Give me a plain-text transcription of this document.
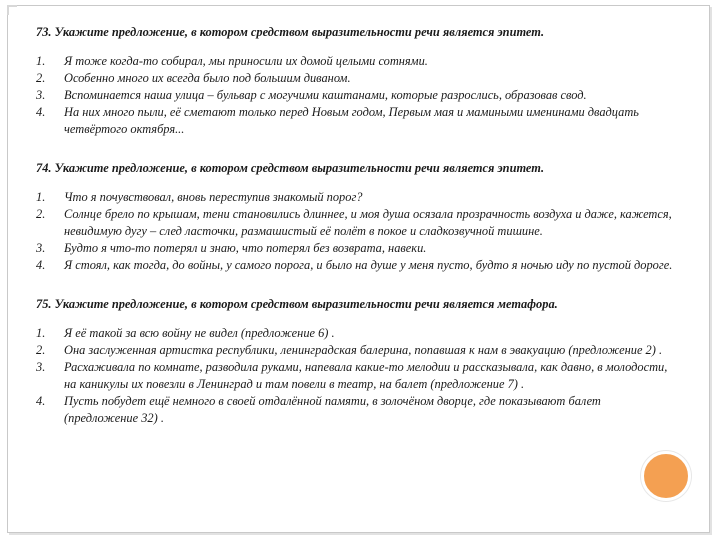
73. Укажите предложение, в котором средством выразительности речи является эпитет.

1.	Я тоже когда-то собирал, мы приносили их домой целыми сотнями.
2.	Особенно много их всегда было под большим диваном.
3.	Вспоминается наша улица – бульвар с могучими каштанами, которые разрослись, образовав свод.
4.	На них много пыли, её сметают только перед Новым годом, Первым мая и мамиными именинами двадцать четвёртого октября...

74. Укажите предложение, в котором средством выразительности речи является эпитет.

1.	Что я почувствовал, вновь переступив знакомый порог?
2.	Солнце брело по крышам, тени становились длиннее, и моя душа осязала прозрачность воздуха и даже, кажется, невидимую дугу – след ласточки, размашистый её полёт в покое и сладкозвучной тишине.
3.	Будто я что-то потерял и знаю, что потерял без возврата, навеки.
4.	Я стоял, как тогда, до войны, у самого порога, и было на душе у меня пусто, будто я ночью иду по пустой дороге.

75. Укажите предложение, в котором средством выразительности речи является метафора.

1.	Я её такой за всю войну не видел (предложение 6) .
2.	Она заслуженная артистка республики, ленинградская балерина, попавшая к нам в эвакуацию (предложение 2) .
3.	Расхаживала по комнате, разводила руками, напевала какие-то мелодии и рассказывала, как давно, в молодости, на каникулы их повезли в Ленинград и там повели в театр, на балет (предложение 7) .
4.	Пусть побудет ещё немного в своей отдалённой памяти, в золочёном дворце, где показывают балет (предложение 32) .
